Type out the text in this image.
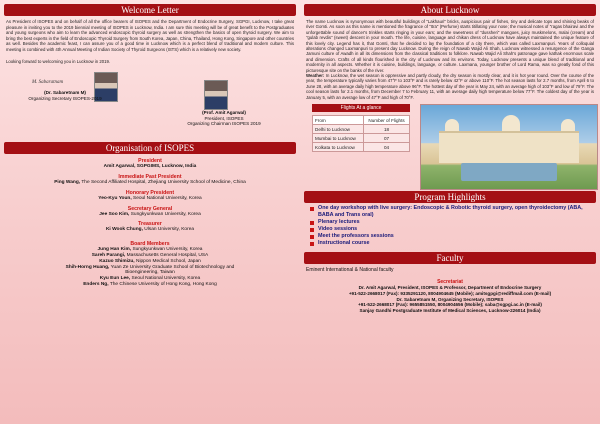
Welcome Letter
As President of ISOPES and on behalf of all the office bearers of ISOPES and the Department of Endocrine Surgery, SGPGI, Lucknow, I take great pleasure in inviting you to the 2019 biennial meeting of ISOPES in Lucknow, India. I am sure this meeting will be of great benefit to the Postgraduates and young surgeons who aim to learn the advanced endoscopic thyroid surgery as well as strengthen the basics of open thyroid surgery. We aim to bring the best experts in the field of Endoscopic Thyroid Surgery from South Korea, Japan, China, Thailand, Hong Kong, Singapore and other countries as well. Besides the academic feast, I can assure you of a good time in Lucknow which is a perfect blend of traditional and modern culture. This meeting is combined with 4th Annual Meeting of Indian Society of Thyroid Surgeons (ISTS) which is a relatively new society.
Looking forward to welcoming you in Lucknow in 2019.
M. Sabaratnam
(Dr. Sabaretnam M)
Organizing Secretary ISOPES-2019
(Prof. Amit Agarwal)
President, ISOPES
Organizing Chairman ISOPES 2019
Organisation of ISOPES
President
Amit Agarwal, SGPGIMS, Lucknow, India
Immediate Past President
Ping Wang, The Second Affiliated Hospital, Zhejiang University School of Medicine, China
Honorary President
Yeo-Kyu Youn, Seoul National University, Korea
Secretary General
Jee Soo Kim, Sungkyunkwan University, Korea
Treasurer
Ki Wook Chung, Ulsan University, Korea
Board Members
Jung Han Kim, Sungkyunkwan University, Korea
Sareh Parangi, Massachusetts General Hospital, USA
Kazuo Shimizu, Nippon Medical School, Japan
Shih-Horng Huang, Yuan Ze University Graduate School of Biotechnology and
Bioengineering, Taiwan
Kyu Eun Lee, Seoul National University, Korea
Enders Ng, The Chinese University of Hong Kong, Hong Kong
About Lucknow
The name Lucknow is synonymous with beautiful buildings of "Lakhauri" bricks, auspicious pair of fishes, tiny and delicate tops and shining beaks of river Gomti. As soon as this name is mentioned the fragrance of "Itra" (Perfume) starts titillating your nose; the musical notes of "ragas bhairavi and the unforgettable sound of dancer's trinkles starts ringing in your ears; and the sweetness of "dussheri" mangoes, juicy muskmelons, malai (cream) and "gulab revdis" (sweet) descent in your mouth. The life, cuisine, language and chikan dress of Lucknow have always maintained the unique feature of this lovely city. Legend has it, that Gomti, that he decided to lay the foundation of a city there, which was called Laxmanpuri. Years of colloquial alterations changed Laxmanpuri to present day Lucknow. During the reign of Nawab Wajid Ali Shah, Lucknow witnessed a resurgence of the Ganga Jamuni culture of Awadh in all its dimensions from the classical traditions to folklore. Nawab Wajid Ali Shah's patronage gave kathak enormous scale and dimension. Crafts of all kinds flourished in the city of Lucknow and its environs. Today, Lucknow presents a unique blend of traditional and modernity in all aspects. Whether it is cuisine, buildings, language, or culture. Laxmana, younger brother of Lord Rama, was so greatly fond of this picturesque site on the banks of the river.
Weather: In Lucknow, the wet season is oppressive and partly cloudy, the dry season is mostly clear, and it is hot year round. Over the course of the year, the temperature typically varies from 47°F to 103°F and is rarely below 42°F or above 110°F. The hot season lasts for 2.7 months, from April 6 to June 28, with an average daily high temperature above 96°F. The hottest day of the year is May 24, with an average high of 103°F and low of 79°F. The cool season lasts for 2.1 months, from December 7 to February 11, with an average daily high temperature below 77°F. The coldest day of the year is January 5, with an average low of 47°F and high of 70°F.
Flights At a glance
From	Number of Flights
Delhi to Lucknow	18
Mumbai to Lucknow	07
Kolkata to Lucknow	04
Program Highlights
One day workshop with live surgery: Endoscopic & Robotic thyroid surgery, open thyroidectomy (ABA, BABA and Trans oral)
Plenary lectures
Video sessions
Meet the professors sessions
Instructional course
Faculty
Eminent International & National faculty
Secretariat
Dr. Amit Agarwal, President, ISOPES & Professor, Department of Endocrine Surgery
+91-522-2668017 (Fax): 9335291120, 8004904645 (Mobile); amitsgpgi@rediffmail.com (E-mail)
Dr. Sabaretnam M, Organizing Secretary, ISOPES
+91-522-2668017 (Fax): 9655851550, 8004904656 (Mobile); saba@sgpgi.ac.in (E-mail)
Sanjay Gandhi Postgraduate Institute of Medical Sciences, Lucknow-226014 (India)
